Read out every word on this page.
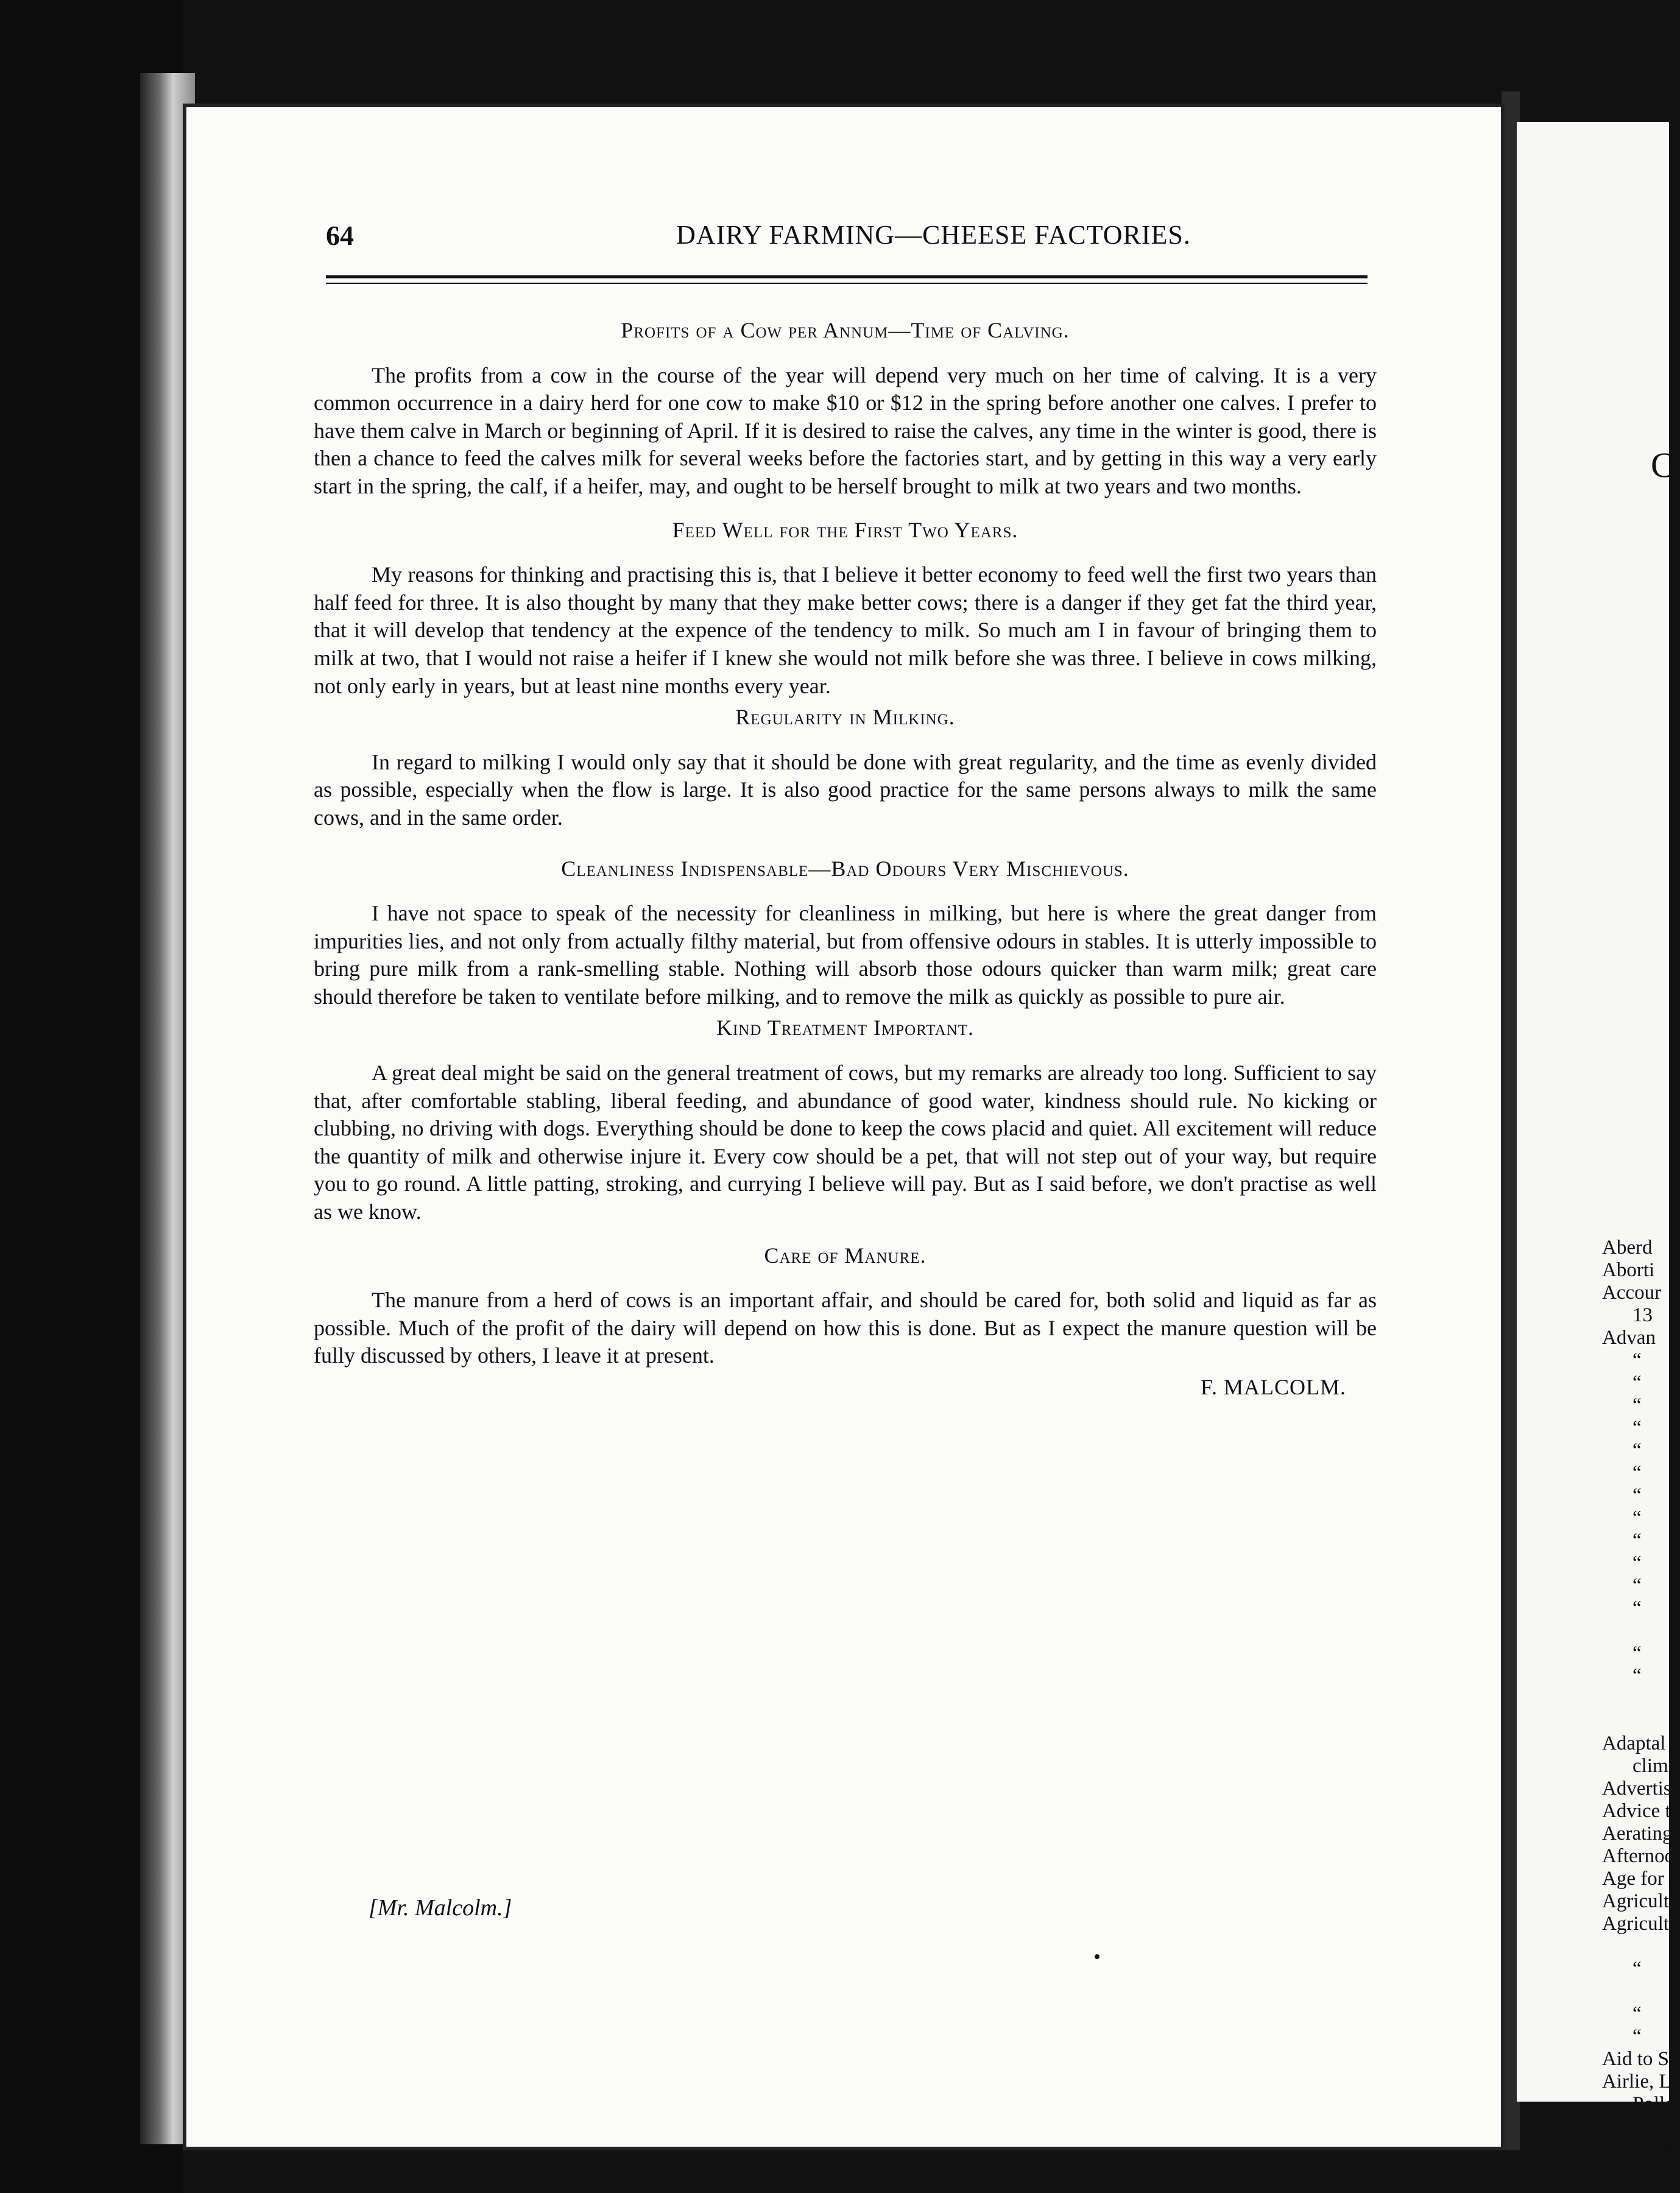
C
Aberd
Aborti
Accour
13
Advan
“
“
“
“
“
“
“
“
“
“
“
“
“
“
Adaptal
clim
Advertis
Advice t
Aerating
Afternoo
Age for s
Agricult
Agricult
“
“
“
Aid to Sc
Airlie, Lc
Polle
Air and e
Alsike, b
DAIRY FARMING—CHEESE FACTORIES.
64
Profits of a Cow per Annum—Time of Calving.

The profits from a cow in the course of the year will depend very much on her time of calving. It is a very common occurrence in a dairy herd for one cow to make $10 or $12 in the spring before another one calves. I prefer to have them calve in March or beginning of April. If it is desired to raise the calves, any time in the winter is good, there is then a chance to feed the calves milk for several weeks before the factories start, and by getting in this way a very early start in the spring, the calf, if a heifer, may, and ought to be herself brought to milk at two years and two months.

Feed Well for the First Two Years.

My reasons for thinking and practising this is, that I believe it better economy to feed well the first two years than half feed for three. It is also thought by many that they make better cows; there is a danger if they get fat the third year, that it will develop that tendency at the expence of the tendency to milk. So much am I in favour of bringing them to milk at two, that I would not raise a heifer if I knew she would not milk before she was three. I believe in cows milking, not only early in years, but at least nine months every year.

Regularity in Milking.

In regard to milking I would only say that it should be done with great regularity, and the time as evenly divided as possible, especially when the flow is large. It is also good practice for the same persons always to milk the same cows, and in the same order.

Cleanliness Indispensable—Bad Odours Very Mischievous.

I have not space to speak of the necessity for cleanliness in milking, but here is where the great danger from impurities lies, and not only from actually filthy material, but from offensive odours in stables. It is utterly impossible to bring pure milk from a rank-smelling stable. Nothing will absorb those odours quicker than warm milk; great care should therefore be taken to ventilate before milking, and to remove the milk as quickly as possible to pure air.

Kind Treatment Important.

A great deal might be said on the general treatment of cows, but my remarks are already too long. Sufficient to say that, after comfortable stabling, liberal feeding, and abundance of good water, kindness should rule. No kicking or clubbing, no driving with dogs. Everything should be done to keep the cows placid and quiet. All excitement will reduce the quantity of milk and otherwise injure it. Every cow should be a pet, that will not step out of your way, but require you to go round. A little patting, stroking, and currying I believe will pay. But as I said before, we don't practise as well as we know.

Care of Manure.

The manure from a herd of cows is an important affair, and should be cared for, both solid and liquid as far as possible. Much of the profit of the dairy will depend on how this is done. But as I expect the manure question will be fully discussed by others, I leave it at present.

F. MALCOLM.
[Mr. Malcolm.]
